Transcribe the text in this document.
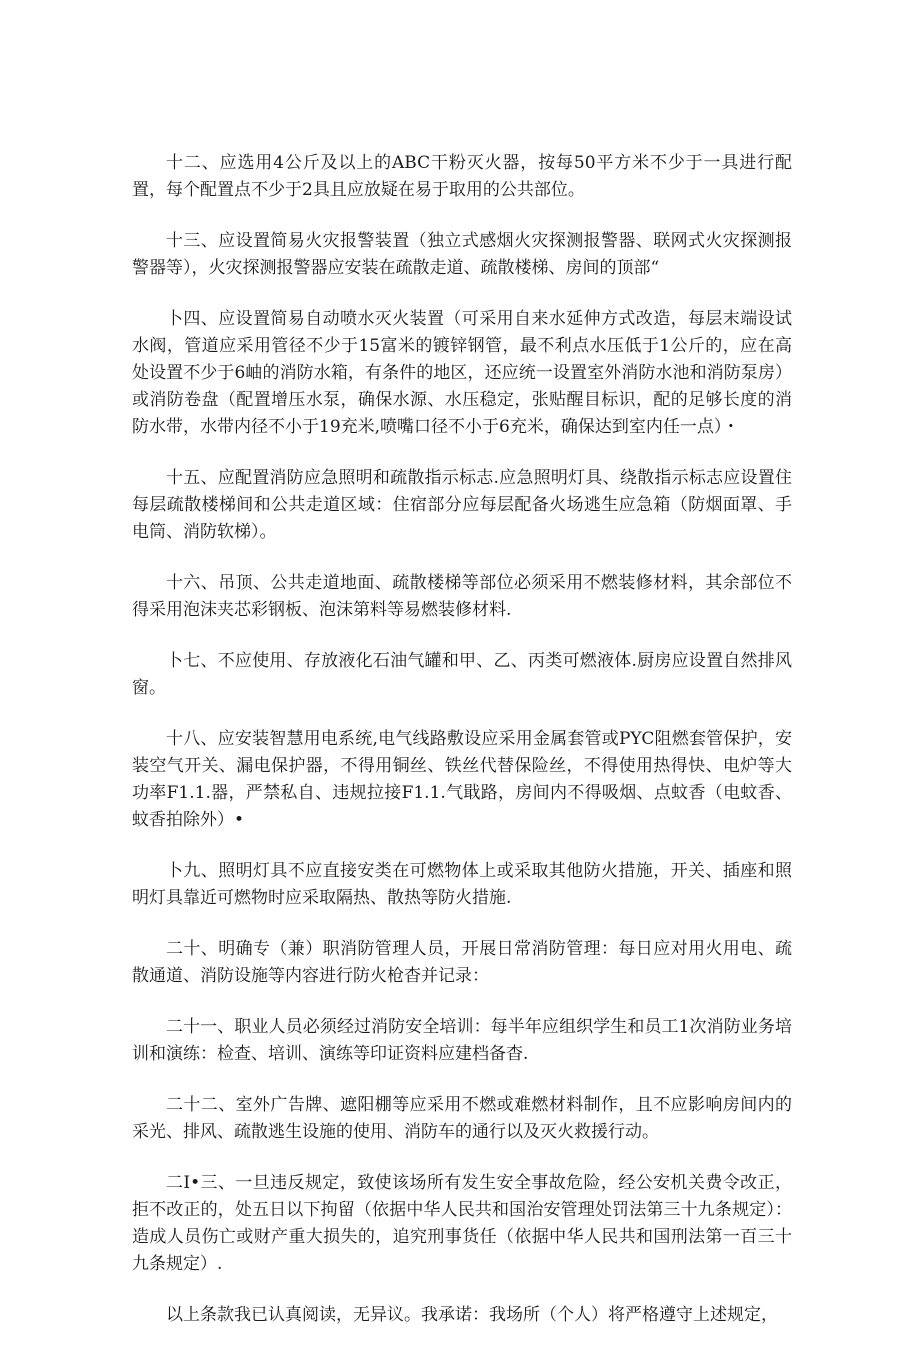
十二、应选用4公斤及以上的ABC干粉灭火器，按每50平方米不少于一具进行配置，每个配置点不少于2具且应放疑在易于取用的公共部位。

十三、应设置简易火灾报警装置（独立式感烟火灾探测报警器、联网式火灾探测报警器等），火灾探测报警器应安装在疏散走道、疏散楼梯、房间的顶部“

卜四、应设置简易自动喷水灭火装置（可采用自来水延伸方式改造，每层末端设试水阀，管道应采用管径不少于15富米的镀锌钢管，最不利点水压低于1公斤的，应在高处设置不少于6岫的消防水箱，有条件的地区，还应统一设置室外消防水池和消防泵房）或消防卷盘（配置增压水泵，确保水源、水压稳定，张贴醒目标识，配的足够长度的消防水带，水带内径不小于19充米,喷嘴口径不小于6充米，确保达到室内任一点）・

十五、应配置消防应急照明和疏散指示标志.应急照明灯具、绕散指示标志应设置住每层疏散楼梯间和公共走道区域：住宿部分应每层配备火场逃生应急箱（防烟面罩、手电筒、消防软梯）。

十六、吊顶、公共走道地面、疏散楼梯等部位必须采用不燃装修材料，其余部位不得采用泡沫夹芯彩钢板、泡沫第料等易燃装修材料.

卜七、不应使用、存放液化石油气罐和甲、乙、丙类可燃液体.厨房应设置自然排风窗。

十八、应安装智慧用电系统,电气线路敷设应采用金属套管或PYC阻燃套管保护，安装空气开关、漏电保护器，不得用铜丝、铁丝代替保险丝，不得使用热得快、电炉等大功率F1.1.器，严禁私自、违规拉接F1.1.气戢路，房间内不得吸烟、点蚊香（电蚊香、蚊香拍除外）•

卜九、照明灯具不应直接安类在可燃物体上或采取其他防火措施，开关、插座和照明灯具靠近可燃物时应采取隔热、散热等防火措施.

二十、明确专（兼）职消防管理人员，开展日常消防管理：每日应对用火用电、疏散通道、消防设施等内容进行防火枪杳并记录：

二十一、职业人员必须经过消防安全培训：每半年应组织学生和员工1次消防业务培训和演练：检查、培训、演练等印证资料应建档备杳.

二十二、室外广告牌、遮阳棚等应采用不燃或难燃材料制作，且不应影响房间内的采光、排风、疏散逃生设施的使用、消防车的通行以及灭火救援行动。

二I•三、一旦违反规定，致使该场所有发生安全事故危险，经公安机关费令改正，拒不改正的，处五日以下拘留（依据中华人民共和国治安管理处罚法第三十九条规定）：造成人员伤亡或财产重大损失的，追究刑事货任（依据中华人民共和国刑法第一百三十九条规定）.

以上条款我已认真阅读，无异议。我承诺：我场所（个人）将严格遵守上述规定，
